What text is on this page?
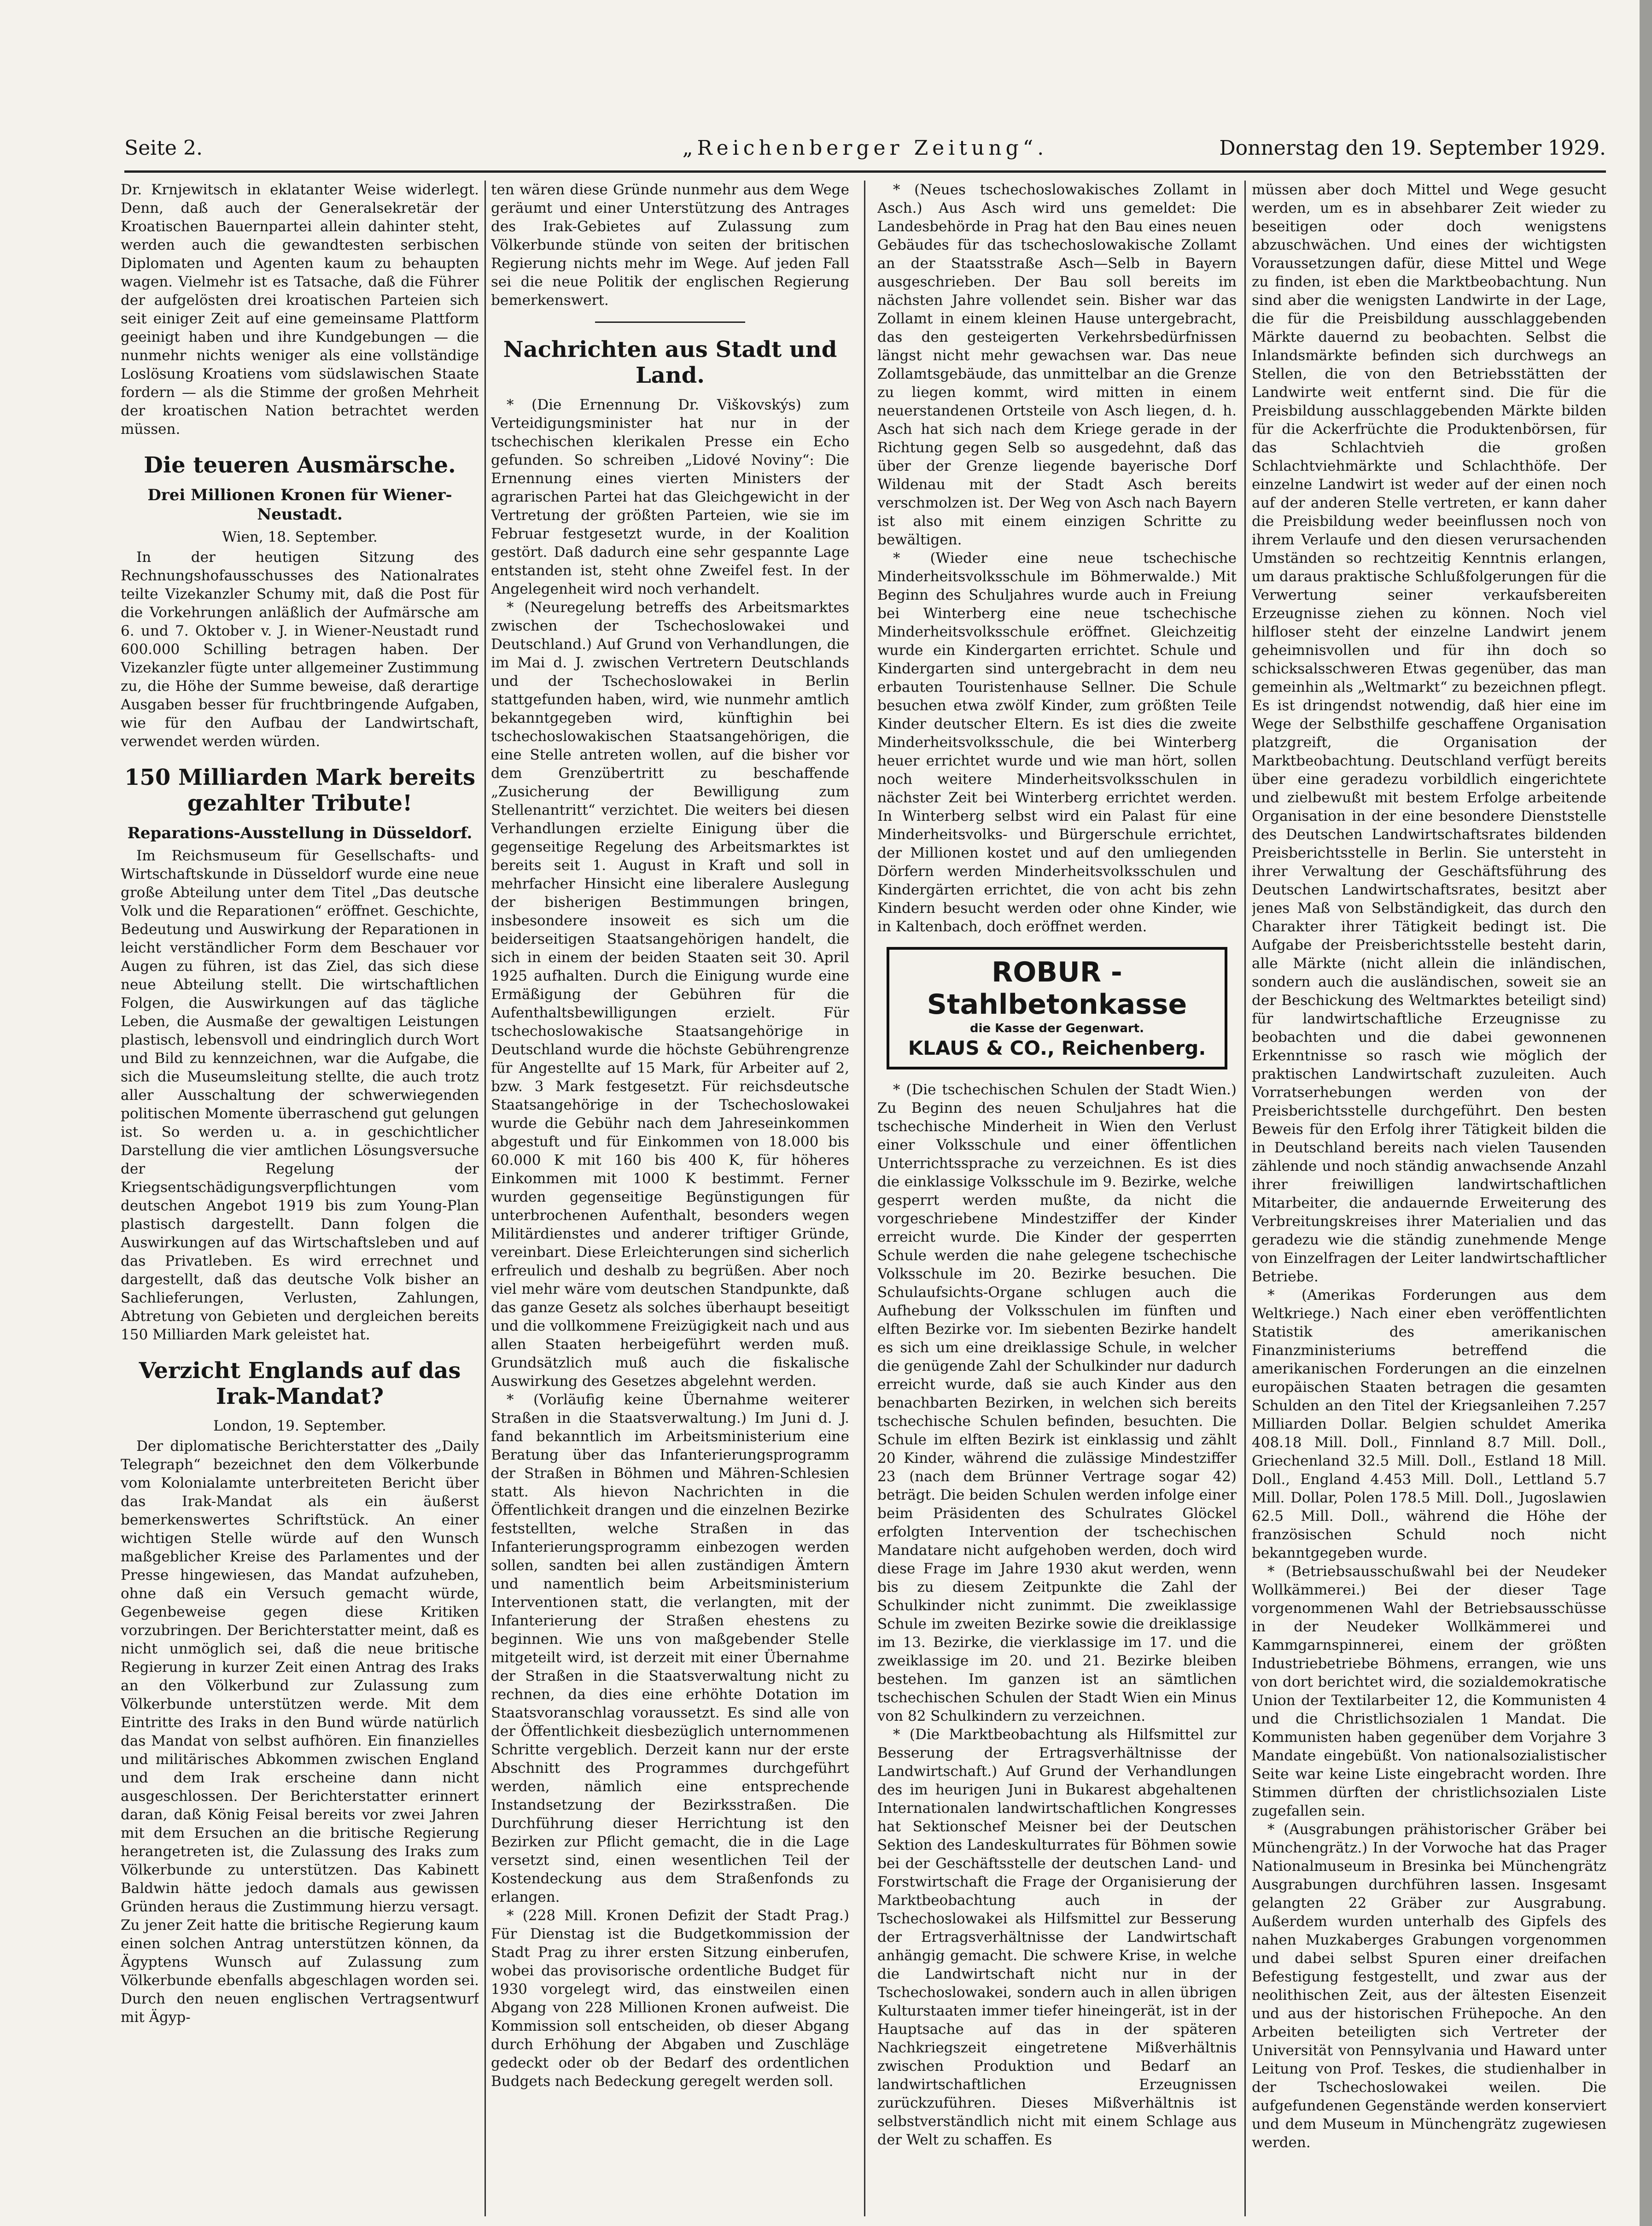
Seite 2.	„Reichenberger Zeitung“.	Donnerstag den 19. September 1929.

Dr. Krnjewitsch in eklatanter Weise widerlegt. Denn, daß auch der Generalsekretär der Kroatischen Bauernpartei allein dahinter steht, werden auch die gewandtesten serbischen Diplomaten und Agenten kaum zu behaupten wagen. Vielmehr ist es Tatsache, daß die Führer der aufgelösten drei kroatischen Parteien sich seit einiger Zeit auf eine gemeinsame Plattform geeinigt haben und ihre Kundgebungen — die nunmehr nichts weniger als eine vollständige Loslösung Kroatiens vom südslawischen Staate fordern — als die Stimme der großen Mehrheit der kroatischen Nation betrachtet werden müssen.

Die teueren Ausmärsche.
Drei Millionen Kronen für Wiener-Neustadt.

Wien, 18. September.

In der heutigen Sitzung des Rechnungshofausschusses des Nationalrates teilte Vizekanzler Schumy mit, daß die Post für die Vorkehrungen anläßlich der Aufmärsche am 6. und 7. Oktober v. J. in Wiener-Neustadt rund 600.000 Schilling betragen haben. Der Vizekanzler fügte unter allgemeiner Zustimmung zu, die Höhe der Summe beweise, daß derartige Ausgaben besser für fruchtbringende Aufgaben, wie für den Aufbau der Landwirtschaft, verwendet werden würden.

150 Milliarden Mark bereits gezahlter Tribute!
Reparations-Ausstellung in Düsseldorf.

Im Reichsmuseum für Gesellschafts- und Wirtschaftskunde in Düsseldorf wurde eine neue große Abteilung unter dem Titel „Das deutsche Volk und die Reparationen“ eröffnet. Geschichte, Bedeutung und Auswirkung der Reparationen in leicht verständlicher Form dem Beschauer vor Augen zu führen, ist das Ziel, das sich diese neue Abteilung stellt. Die wirtschaftlichen Folgen, die Auswirkungen auf das tägliche Leben, die Ausmaße der gewaltigen Leistungen plastisch, lebensvoll und eindringlich durch Wort und Bild zu kennzeichnen, war die Aufgabe, die sich die Museumsleitung stellte, die auch trotz aller Ausschaltung der schwerwiegenden politischen Momente überraschend gut gelungen ist. So werden u. a. in geschichtlicher Darstellung die vier amtlichen Lösungsversuche der Regelung der Kriegsentschädigungsverpflichtungen vom deutschen Angebot 1919 bis zum Young-Plan plastisch dargestellt. Dann folgen die Auswirkungen auf das Wirtschaftsleben und auf das Privatleben. Es wird errechnet und dargestellt, daß das deutsche Volk bisher an Sachlieferungen, Verlusten, Zahlungen, Abtretung von Gebieten und dergleichen bereits 150 Milliarden Mark geleistet hat.

Verzicht Englands auf das Irak-Mandat?

London, 19. September.

Der diplomatische Berichterstatter des „Daily Telegraph“ bezeichnet den dem Völkerbunde vom Kolonialamte unterbreiteten Bericht über das Irak-Mandat als ein äußerst bemerkenswertes Schriftstück. An einer wichtigen Stelle würde auf den Wunsch maßgeblicher Kreise des Parlamentes und der Presse hingewiesen, das Mandat aufzuheben, ohne daß ein Versuch gemacht würde, Gegenbeweise gegen diese Kritiken vorzubringen. Der Berichterstatter meint, daß es nicht unmöglich sei, daß die neue britische Regierung in kurzer Zeit einen Antrag des Iraks an den Völkerbund zur Zulassung zum Völkerbunde unterstützen werde. Mit dem Eintritte des Iraks in den Bund würde natürlich das Mandat von selbst aufhören. Ein finanzielles und militärisches Abkommen zwischen England und dem Irak erscheine dann nicht ausgeschlossen. Der Berichterstatter erinnert daran, daß König Feisal bereits vor zwei Jahren mit dem Ersuchen an die britische Regierung herangetreten ist, die Zulassung des Iraks zum Völkerbunde zu unterstützen. Das Kabinett Baldwin hätte jedoch damals aus gewissen Gründen heraus die Zustimmung hierzu versagt. Zu jener Zeit hatte die britische Regierung kaum einen solchen Antrag unterstützen können, da Ägyptens Wunsch auf Zulassung zum Völkerbunde ebenfalls abgeschlagen worden sei. Durch den neuen englischen Vertragsentwurf mit Ägyp-

ten wären diese Gründe nunmehr aus dem Wege geräumt und einer Unterstützung des Antrages des Irak-Gebietes auf Zulassung zum Völkerbunde stünde von seiten der britischen Regierung nichts mehr im Wege. Auf jeden Fall sei die neue Politik der englischen Regierung bemerkenswert.

Nachrichten aus Stadt und Land.

* (Die Ernennung Dr. Viškovskýs) zum Verteidigungsminister hat nur in der tschechischen klerikalen Presse ein Echo gefunden. So schreiben „Lidové Noviny“: Die Ernennung eines vierten Ministers der agrarischen Partei hat das Gleichgewicht in der Vertretung der größten Parteien, wie sie im Februar festgesetzt wurde, in der Koalition gestört. Daß dadurch eine sehr gespannte Lage entstanden ist, steht ohne Zweifel fest. In der Angelegenheit wird noch verhandelt.

* (Neuregelung betreffs des Arbeitsmarktes zwischen der Tschechoslowakei und Deutschland.) Auf Grund von Verhandlungen, die im Mai d. J. zwischen Vertretern Deutschlands und der Tschechoslowakei in Berlin stattgefunden haben, wird, wie nunmehr amtlich bekanntgegeben wird, künftighin bei tschechoslowakischen Staatsangehörigen, die eine Stelle antreten wollen, auf die bisher vor dem Grenzübertritt zu beschaffende „Zusicherung der Bewilligung zum Stellenantritt“ verzichtet. Die weiters bei diesen Verhandlungen erzielte Einigung über die gegenseitige Regelung des Arbeitsmarktes ist bereits seit 1. August in Kraft und soll in mehrfacher Hinsicht eine liberalere Auslegung der bisherigen Bestimmungen bringen, insbesondere insoweit es sich um die beiderseitigen Staatsangehörigen handelt, die sich in einem der beiden Staaten seit 30. April 1925 aufhalten. Durch die Einigung wurde eine Ermäßigung der Gebühren für die Aufenthaltsbewilligungen erzielt. Für tschechoslowakische Staatsangehörige in Deutschland wurde die höchste Gebührengrenze für Angestellte auf 15 Mark, für Arbeiter auf 2, bzw. 3 Mark festgesetzt. Für reichsdeutsche Staatsangehörige in der Tschechoslowakei wurde die Gebühr nach dem Jahreseinkommen abgestuft und für Einkommen von 18.000 bis 60.000 K mit 160 bis 400 K, für höheres Einkommen mit 1000 K bestimmt. Ferner wurden gegenseitige Begünstigungen für unterbrochenen Aufenthalt, besonders wegen Militärdienstes und anderer triftiger Gründe, vereinbart. Diese Erleichterungen sind sicherlich erfreulich und deshalb zu begrüßen. Aber noch viel mehr wäre vom deutschen Standpunkte, daß das ganze Gesetz als solches überhaupt beseitigt und die vollkommene Freizügigkeit nach und aus allen Staaten herbeigeführt werden muß. Grundsätzlich muß auch die fiskalische Auswirkung des Gesetzes abgelehnt werden.

* (Vorläufig keine Übernahme weiterer Straßen in die Staatsverwaltung.) Im Juni d. J. fand bekanntlich im Arbeitsministerium eine Beratung über das Infanterierungsprogramm der Straßen in Böhmen und Mähren-Schlesien statt. Als hievon Nachrichten in die Öffentlichkeit drangen und die einzelnen Bezirke feststellten, welche Straßen in das Infanterierungsprogramm einbezogen werden sollen, sandten bei allen zuständigen Ämtern und namentlich beim Arbeitsministerium Interventionen statt, die verlangten, mit der Infanterierung der Straßen ehestens zu beginnen. Wie uns von maßgebender Stelle mitgeteilt wird, ist derzeit mit einer Übernahme der Straßen in die Staatsverwaltung nicht zu rechnen, da dies eine erhöhte Dotation im Staatsvoranschlag voraussetzt. Es sind alle von der Öffentlichkeit diesbezüglich unternommenen Schritte vergeblich. Derzeit kann nur der erste Abschnitt des Programmes durchgeführt werden, nämlich eine entsprechende Instandsetzung der Bezirksstraßen. Die Durchführung dieser Herrichtung ist den Bezirken zur Pflicht gemacht, die in die Lage versetzt sind, einen wesentlichen Teil der Kostendeckung aus dem Straßenfonds zu erlangen.

* (228 Mill. Kronen Defizit der Stadt Prag.) Für Dienstag ist die Budgetkommission der Stadt Prag zu ihrer ersten Sitzung einberufen, wobei das provisorische ordentliche Budget für 1930 vorgelegt wird, das einstweilen einen Abgang von 228 Millionen Kronen aufweist. Die Kommission soll entscheiden, ob dieser Abgang durch Erhöhung der Abgaben und Zuschläge gedeckt oder ob der Bedarf des ordentlichen Budgets nach Bedeckung geregelt werden soll.

* (Neues tschechoslowakisches Zollamt in Asch.) Aus Asch wird uns gemeldet: Die Landesbehörde in Prag hat den Bau eines neuen Gebäudes für das tschechoslowakische Zollamt an der Staatsstraße Asch—Selb in Bayern ausgeschrieben. Der Bau soll bereits im nächsten Jahre vollendet sein. Bisher war das Zollamt in einem kleinen Hause untergebracht, das den gesteigerten Verkehrsbedürfnissen längst nicht mehr gewachsen war. Das neue Zollamtsgebäude, das unmittelbar an die Grenze zu liegen kommt, wird mitten in einem neuerstandenen Ortsteile von Asch liegen, d. h. Asch hat sich nach dem Kriege gerade in der Richtung gegen Selb so ausgedehnt, daß das über der Grenze liegende bayerische Dorf Wildenau mit der Stadt Asch bereits verschmolzen ist. Der Weg von Asch nach Bayern ist also mit einem einzigen Schritte zu bewältigen.

* (Wieder eine neue tschechische Minderheitsvolksschule im Böhmerwalde.) Mit Beginn des Schuljahres wurde auch in Freiung bei Winterberg eine neue tschechische Minderheitsvolksschule eröffnet. Gleichzeitig wurde ein Kindergarten errichtet. Schule und Kindergarten sind untergebracht in dem neu erbauten Touristenhause Sellner. Die Schule besuchen etwa zwölf Kinder, zum größten Teile Kinder deutscher Eltern. Es ist dies die zweite Minderheitsvolksschule, die bei Winterberg heuer errichtet wurde und wie man hört, sollen noch weitere Minderheitsvolksschulen in nächster Zeit bei Winterberg errichtet werden. In Winterberg selbst wird ein Palast für eine Minderheitsvolks- und Bürgerschule errichtet, der Millionen kostet und auf den umliegenden Dörfern werden Minderheitsvolksschulen und Kindergärten errichtet, die von acht bis zehn Kindern besucht werden oder ohne Kinder, wie in Kaltenbach, doch eröffnet werden.

ROBUR - Stahlbetonkasse
die Kasse der Gegenwart.
KLAUS & CO., Reichenberg.

* (Die tschechischen Schulen der Stadt Wien.) Zu Beginn des neuen Schuljahres hat die tschechische Minderheit in Wien den Verlust einer Volksschule und einer öffentlichen Unterrichtssprache zu verzeichnen. Es ist dies die einklassige Volksschule im 9. Bezirke, welche gesperrt werden mußte, da nicht die vorgeschriebene Mindestziffer der Kinder erreicht wurde. Die Kinder der gesperrten Schule werden die nahe gelegene tschechische Volksschule im 20. Bezirke besuchen. Die Schulaufsichts-Organe schlugen auch die Aufhebung der Volksschulen im fünften und elften Bezirke vor. Im siebenten Bezirke handelt es sich um eine dreiklassige Schule, in welcher die genügende Zahl der Schulkinder nur dadurch erreicht wurde, daß sie auch Kinder aus den benachbarten Bezirken, in welchen sich bereits tschechische Schulen befinden, besuchten. Die Schule im elften Bezirk ist einklassig und zählt 20 Kinder, während die zulässige Mindestziffer 23 (nach dem Brünner Vertrage sogar 42) beträgt. Die beiden Schulen werden infolge einer beim Präsidenten des Schulrates Glöckel erfolgten Intervention der tschechischen Mandatare nicht aufgehoben werden, doch wird diese Frage im Jahre 1930 akut werden, wenn bis zu diesem Zeitpunkte die Zahl der Schulkinder nicht zunimmt. Die zweiklassige Schule im zweiten Bezirke sowie die dreiklassige im 13. Bezirke, die vierklassige im 17. und die zweiklassige im 20. und 21. Bezirke bleiben bestehen. Im ganzen ist an sämtlichen tschechischen Schulen der Stadt Wien ein Minus von 82 Schulkindern zu verzeichnen.

* (Die Marktbeobachtung als Hilfsmittel zur Besserung der Ertragsverhältnisse der Landwirtschaft.) Auf Grund der Verhandlungen des im heurigen Juni in Bukarest abgehaltenen Internationalen landwirtschaftlichen Kongresses hat Sektionschef Meisner bei der Deutschen Sektion des Landeskulturrates für Böhmen sowie bei der Geschäftsstelle der deutschen Land- und Forstwirtschaft die Frage der Organisierung der Marktbeobachtung auch in der Tschechoslowakei als Hilfsmittel zur Besserung der Ertragsverhältnisse der Landwirtschaft anhängig gemacht. Die schwere Krise, in welche die Landwirtschaft nicht nur in der Tschechoslowakei, sondern auch in allen übrigen Kulturstaaten immer tiefer hineingerät, ist in der Hauptsache auf das in der späteren Nachkriegszeit eingetretene Mißverhältnis zwischen Produktion und Bedarf an landwirtschaftlichen Erzeugnissen zurückzuführen. Dieses Mißverhältnis ist selbstverständlich nicht mit einem Schlage aus der Welt zu schaffen. Es

müssen aber doch Mittel und Wege gesucht werden, um es in absehbarer Zeit wieder zu beseitigen oder doch wenigstens abzuschwächen. Und eines der wichtigsten Voraussetzungen dafür, diese Mittel und Wege zu finden, ist eben die Marktbeobachtung. Nun sind aber die wenigsten Landwirte in der Lage, die für die Preisbildung ausschlaggebenden Märkte dauernd zu beobachten. Selbst die Inlandsmärkte befinden sich durchwegs an Stellen, die von den Betriebsstätten der Landwirte weit entfernt sind. Die für die Preisbildung ausschlaggebenden Märkte bilden für die Ackerfrüchte die Produktenbörsen, für das Schlachtvieh die großen Schlachtviehmärkte und Schlachthöfe. Der einzelne Landwirt ist weder auf der einen noch auf der anderen Stelle vertreten, er kann daher die Preisbildung weder beeinflussen noch von ihrem Verlaufe und den diesen verursachenden Umständen so rechtzeitig Kenntnis erlangen, um daraus praktische Schlußfolgerungen für die Verwertung seiner verkaufsbereiten Erzeugnisse ziehen zu können. Noch viel hilfloser steht der einzelne Landwirt jenem geheimnisvollen und für ihn doch so schicksalsschweren Etwas gegenüber, das man gemeinhin als „Weltmarkt“ zu bezeichnen pflegt. Es ist dringendst notwendig, daß hier eine im Wege der Selbsthilfe geschaffene Organisation platzgreift, die Organisation der Marktbeobachtung. Deutschland verfügt bereits über eine geradezu vorbildlich eingerichtete und zielbewußt mit bestem Erfolge arbeitende Organisation in der eine besondere Dienststelle des Deutschen Landwirtschaftsrates bildenden Preisberichtsstelle in Berlin. Sie untersteht in ihrer Verwaltung der Geschäftsführung des Deutschen Landwirtschaftsrates, besitzt aber jenes Maß von Selbständigkeit, das durch den Charakter ihrer Tätigkeit bedingt ist. Die Aufgabe der Preisberichtsstelle besteht darin, alle Märkte (nicht allein die inländischen, sondern auch die ausländischen, soweit sie an der Beschickung des Weltmarktes beteiligt sind) für landwirtschaftliche Erzeugnisse zu beobachten und die dabei gewonnenen Erkenntnisse so rasch wie möglich der praktischen Landwirtschaft zuzuleiten. Auch Vorratserhebungen werden von der Preisberichtsstelle durchgeführt. Den besten Beweis für den Erfolg ihrer Tätigkeit bilden die in Deutschland bereits nach vielen Tausenden zählende und noch ständig anwachsende Anzahl ihrer freiwilligen landwirtschaftlichen Mitarbeiter, die andauernde Erweiterung des Verbreitungskreises ihrer Materialien und das geradezu wie die ständig zunehmende Menge von Einzelfragen der Leiter landwirtschaftlicher Betriebe.

* (Amerikas Forderungen aus dem Weltkriege.) Nach einer eben veröffentlichten Statistik des amerikanischen Finanzministeriums betreffend die amerikanischen Forderungen an die einzelnen europäischen Staaten betragen die gesamten Schulden an den Titel der Kriegsanleihen 7.257 Milliarden Dollar. Belgien schuldet Amerika 408.18 Mill. Doll., Finnland 8.7 Mill. Doll., Griechenland 32.5 Mill. Doll., Estland 18 Mill. Doll., England 4.453 Mill. Doll., Lettland 5.7 Mill. Dollar, Polen 178.5 Mill. Doll., Jugoslawien 62.5 Mill. Doll., während die Höhe der französischen Schuld noch nicht bekanntgegeben wurde.

* (Betriebsausschußwahl bei der Neudeker Wollkämmerei.) Bei der dieser Tage vorgenommenen Wahl der Betriebsausschüsse in der Neudeker Wollkämmerei und Kammgarnspinnerei, einem der größten Industriebetriebe Böhmens, errangen, wie uns von dort berichtet wird, die sozialdemokratische Union der Textilarbeiter 12, die Kommunisten 4 und die Christlichsozialen 1 Mandat. Die Kommunisten haben gegenüber dem Vorjahre 3 Mandate eingebüßt. Von nationalsozialistischer Seite war keine Liste eingebracht worden. Ihre Stimmen dürften der christlichsozialen Liste zugefallen sein.

* (Ausgrabungen prähistorischer Gräber bei Münchengrätz.) In der Vorwoche hat das Prager Nationalmuseum in Bresinka bei Münchengrätz Ausgrabungen durchführen lassen. Insgesamt gelangten 22 Gräber zur Ausgrabung. Außerdem wurden unterhalb des Gipfels des nahen Muzkaberges Grabungen vorgenommen und dabei selbst Spuren einer dreifachen Befestigung festgestellt, und zwar aus der neolithischen Zeit, aus der ältesten Eisenzeit und aus der historischen Frühepoche. An den Arbeiten beteiligten sich Vertreter der Universität von Pennsylvania und Haward unter Leitung von Prof. Teskes, die studienhalber in der Tschechoslowakei weilen. Die aufgefundenen Gegenstände werden konserviert und dem Museum in Münchengrätz zugewiesen werden.
